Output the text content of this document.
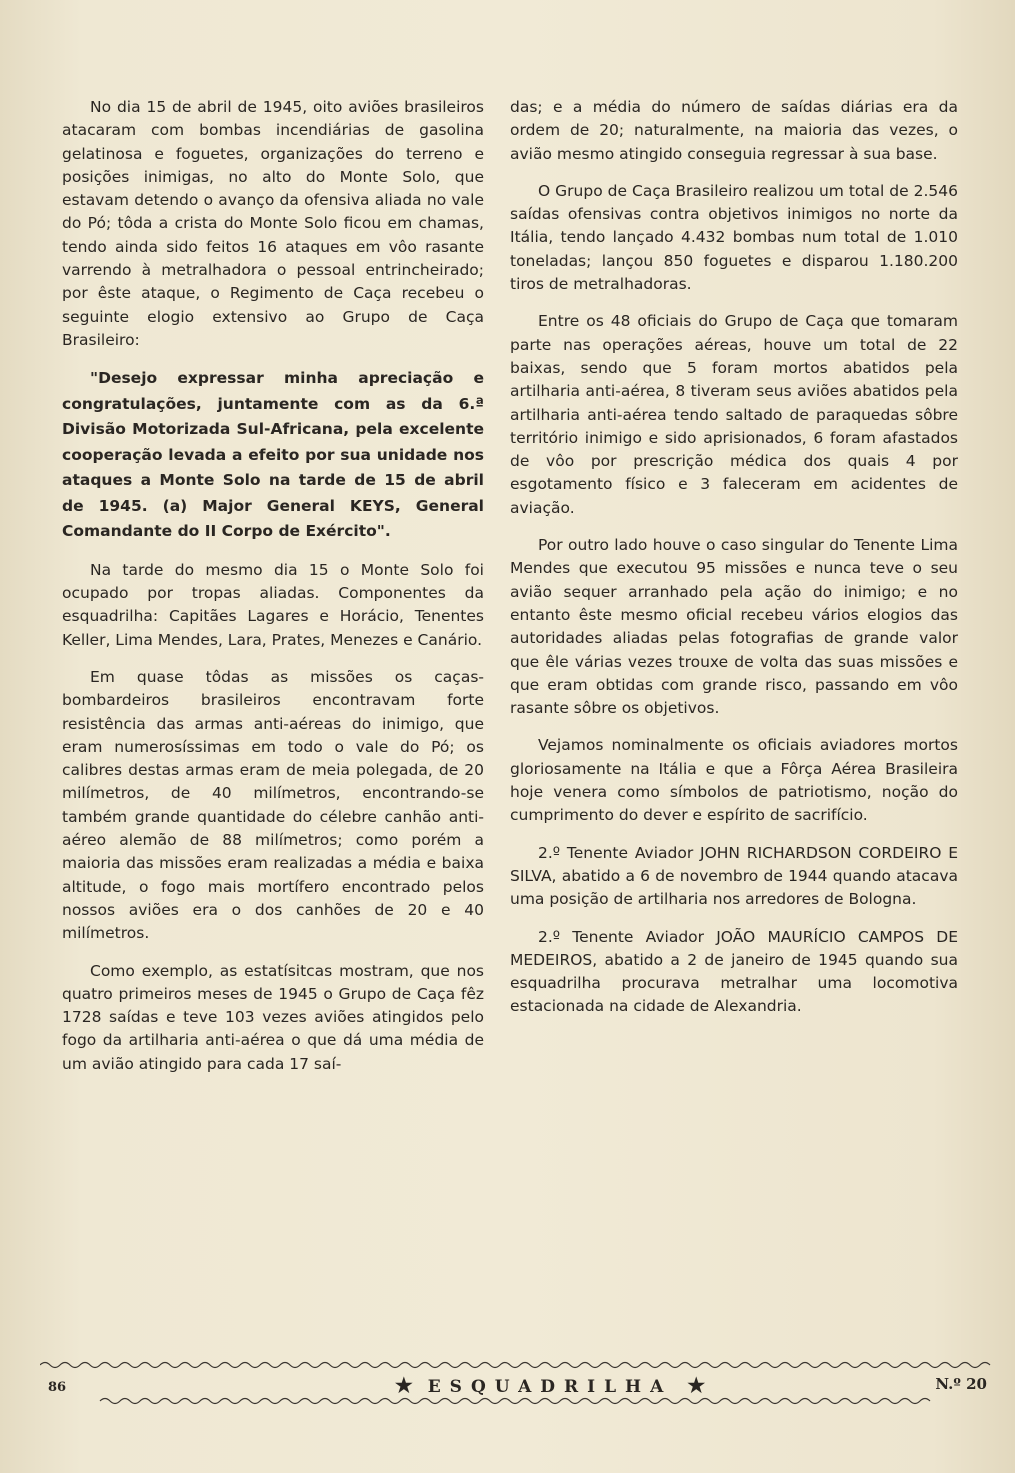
No dia 15 de abril de 1945, oito aviões brasileiros atacaram com bombas incendiárias de gasolina gelatinosa e foguetes, organizações do terreno e posições inimigas, no alto do Monte Solo, que estavam detendo o avanço da ofensiva aliada no vale do Pó; tôda a crista do Monte Solo ficou em chamas, tendo ainda sido feitos 16 ataques em vôo rasante varrendo à metralhadora o pessoal entrincheirado; por êste ataque, o Regimento de Caça recebeu o seguinte elogio extensivo ao Grupo de Caça Brasileiro:

"Desejo expressar minha apreciação e congratulações, juntamente com as da 6.ª Divisão Motorizada Sul-Africana, pela excelente cooperação levada a efeito por sua unidade nos ataques a Monte Solo na tarde de 15 de abril de 1945. (a) Major General KEYS, General Comandante do II Corpo de Exército".

Na tarde do mesmo dia 15 o Monte Solo foi ocupado por tropas aliadas. Componentes da esquadrilha: Capitães Lagares e Horácio, Tenentes Keller, Lima Mendes, Lara, Prates, Menezes e Canário.

Em quase tôdas as missões os caças-bombardeiros brasileiros encontravam forte resistência das armas anti-aéreas do inimigo, que eram numerosíssimas em todo o vale do Pó; os calibres destas armas eram de meia polegada, de 20 milímetros, de 40 milímetros, encontrando-se também grande quantidade do célebre canhão anti-aéreo alemão de 88 milímetros; como porém a maioria das missões eram realizadas a média e baixa altitude, o fogo mais mortífero encontrado pelos nossos aviões era o dos canhões de 20 e 40 milímetros.

Como exemplo, as estatísitcas mostram, que nos quatro primeiros meses de 1945 o Grupo de Caça fêz 1728 saídas e teve 103 vezes aviões atingidos pelo fogo da artilharia anti-aérea o que dá uma média de um avião atingido para cada 17 saí-

das; e a média do número de saídas diárias era da ordem de 20; naturalmente, na maioria das vezes, o avião mesmo atingido conseguia regressar à sua base.

O Grupo de Caça Brasileiro realizou um total de 2.546 saídas ofensivas contra objetivos inimigos no norte da Itália, tendo lançado 4.432 bombas num total de 1.010 toneladas; lançou 850 foguetes e disparou 1.180.200 tiros de metralhadoras.

Entre os 48 oficiais do Grupo de Caça que tomaram parte nas operações aéreas, houve um total de 22 baixas, sendo que 5 foram mortos abatidos pela artilharia anti-aérea, 8 tiveram seus aviões abatidos pela artilharia anti-aérea tendo saltado de paraquedas sôbre território inimigo e sido aprisionados, 6 foram afastados de vôo por prescrição médica dos quais 4 por esgotamento físico e 3 faleceram em acidentes de aviação.

Por outro lado houve o caso singular do Tenente Lima Mendes que executou 95 missões e nunca teve o seu avião sequer arranhado pela ação do inimigo; e no entanto êste mesmo oficial recebeu vários elogios das autoridades aliadas pelas fotografias de grande valor que êle várias vezes trouxe de volta das suas missões e que eram obtidas com grande risco, passando em vôo rasante sôbre os objetivos.

Vejamos nominalmente os oficiais aviadores mortos gloriosamente na Itália e que a Fôrça Aérea Brasileira hoje venera como símbolos de patriotismo, noção do cumprimento do dever e espírito de sacrifício.

2.º Tenente Aviador JOHN RICHARDSON CORDEIRO E SILVA, abatido a 6 de novembro de 1944 quando atacava uma posição de artilharia nos arredores de Bologna.

2.º Tenente Aviador JOÃO MAURÍCIO CAMPOS DE MEDEIROS, abatido a 2 de janeiro de 1945 quando sua esquadrilha procurava metralhar uma locomotiva estacionada na cidade de Alexandria.

86	★ ESQUADRILHA ★	N.º 20
